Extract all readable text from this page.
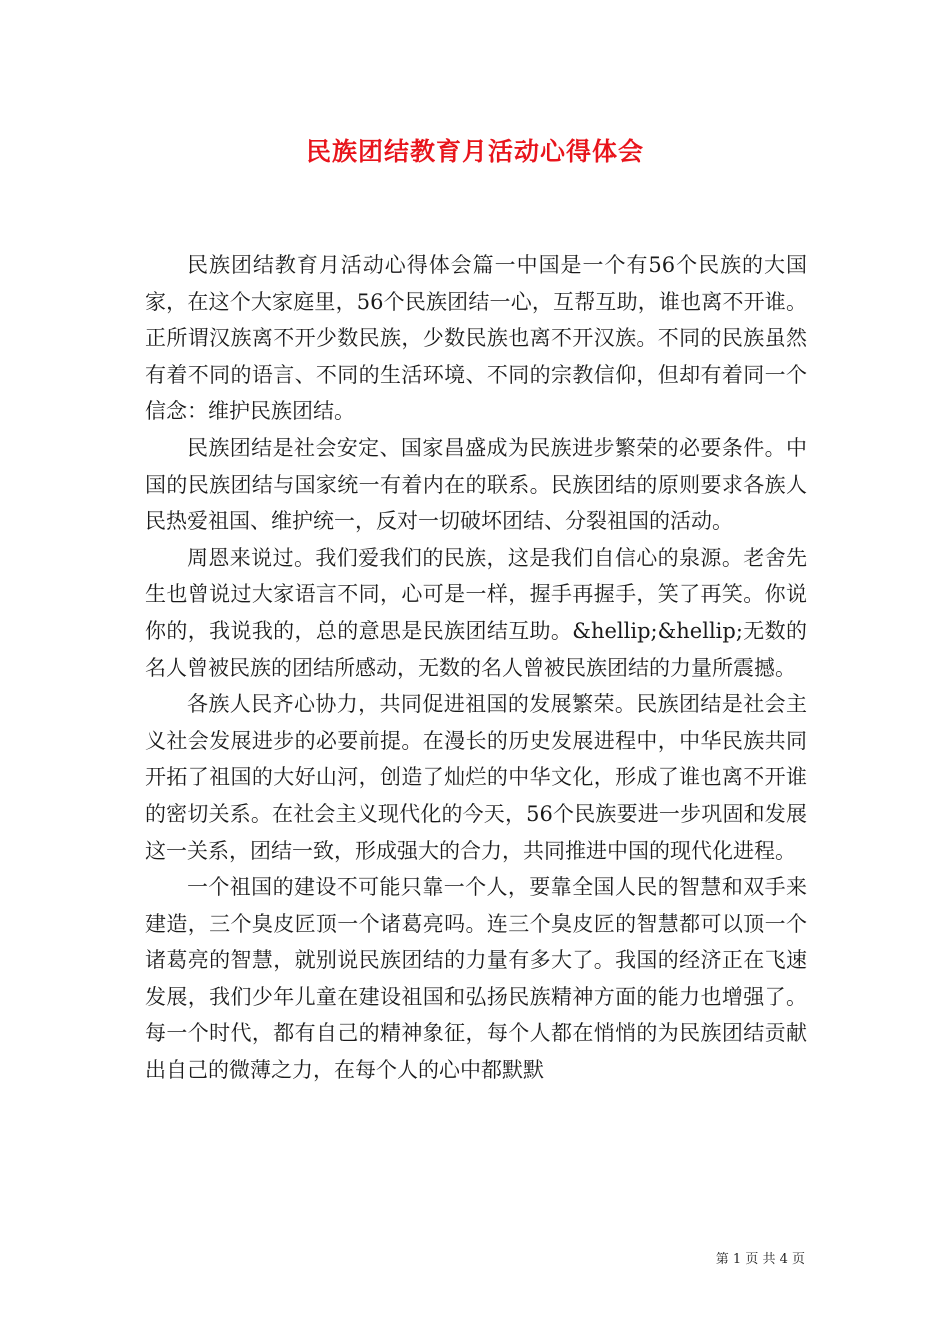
民族团结教育月活动心得体会

民族团结教育月活动心得体会篇一中国是一个有56个民族的大国家，在这个大家庭里，56个民族团结一心，互帮互助，谁也离不开谁。正所谓汉族离不开少数民族，少数民族也离不开汉族。不同的民族虽然有着不同的语言、不同的生活环境、不同的宗教信仰，但却有着同一个信念：维护民族团结。

民族团结是社会安定、国家昌盛成为民族进步繁荣的必要条件。中国的民族团结与国家统一有着内在的联系。民族团结的原则要求各族人民热爱祖国、维护统一，反对一切破坏团结、分裂祖国的活动。

周恩来说过。我们爱我们的民族，这是我们自信心的泉源。老舍先生也曾说过大家语言不同，心可是一样，握手再握手，笑了再笑。你说你的，我说我的，总的意思是民族团结互助。&hellip;&hellip;无数的名人曾被民族的团结所感动，无数的名人曾被民族团结的力量所震撼。

各族人民齐心协力，共同促进祖国的发展繁荣。民族团结是社会主义社会发展进步的必要前提。在漫长的历史发展进程中，中华民族共同开拓了祖国的大好山河，创造了灿烂的中华文化，形成了谁也离不开谁的密切关系。在社会主义现代化的今天，56个民族要进一步巩固和发展这一关系，团结一致，形成强大的合力，共同推进中国的现代化进程。

一个祖国的建设不可能只靠一个人，要靠全国人民的智慧和双手来建造，三个臭皮匠顶一个诸葛亮吗。连三个臭皮匠的智慧都可以顶一个诸葛亮的智慧，就别说民族团结的力量有多大了。我国的经济正在飞速发展，我们少年儿童在建设祖国和弘扬民族精神方面的能力也增强了。每一个时代，都有自己的精神象征，每个人都在悄悄的为民族团结贡献出自己的微薄之力，在每个人的心中都默默

第 1 页 共 4 页
